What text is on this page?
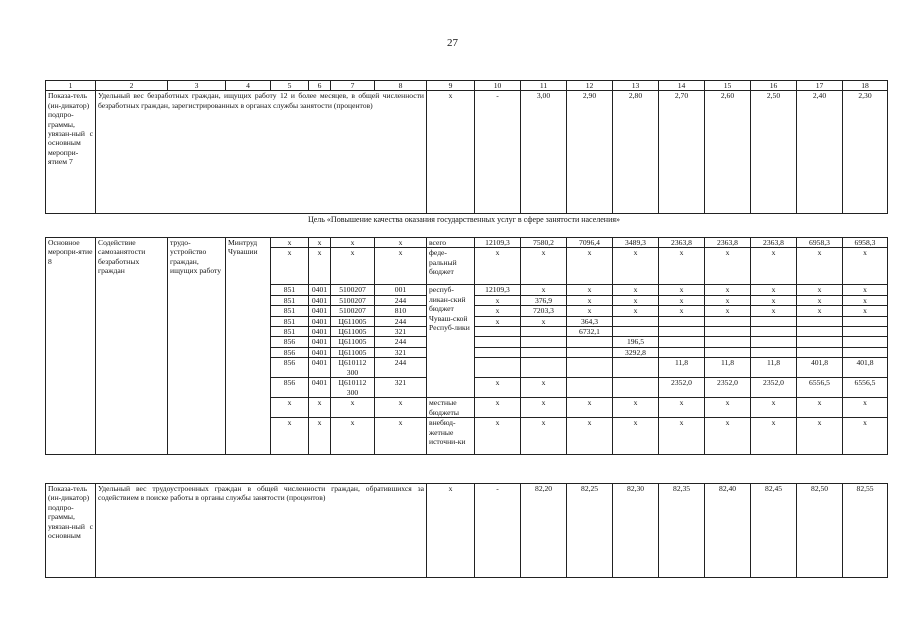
27
1	2	3	4	5	6	7	8	9	10	11	12	13	14	15	16	17	18
Показа-тель (ин-дикатор) подпро-граммы, увязан-ный с основным меропри-ятием 7	Удельный вес безработных граждан, ищущих работу 12 и более месяцев, в общей численности безработных граждан, зарегистрированных в органах службы занятости (процентов)							х	-	3,00	2,90	2,80	2,70	2,60	2,50	2,40	2,30
Цель «Повышение качества оказания государственных услуг в сфере занятости населения»
Основное меропри-ятие 8	Содействие самозанятости безработных граждан	трудо-устройство граждан, ищущих работу	Минтруд Чувашии	х	х	х	х	всего	12109,3	7580,2	7096,4	3489,3	2363,8	2363,8	2363,8	6958,3	6958,3
				х	х	х	х	феде-ральный бюджет	х	х	х	х	х	х	х	х	х
				851	0401	5100207	001	респуб-ликан-ский бюджет Чуваш-ской Респуб-лики	12109,3	х	х	х	х	х	х	х	х
				851	0401	5100207	244		х	376,9	х	х	х	х	х	х	х
				851	0401	5100207	810		х	7203,3	х	х	х	х	х	х	х
				851	0401	Ц611005	244		х	х	364,3						
				851	0401	Ц611005	321				6732,1						
				856	0401	Ц611005	244					196,5					
				856	0401	Ц611005	321					3292,8					
				856	0401	Ц610112 300	244						11,8	11,8	11,8	401,8	401,8
				856	0401	Ц610112 300	321		х	х			2352,0	2352,0	2352,0	6556,5	6556,5
				х	х	х	х	местные бюджеты	х	х	х	х	х	х	х	х	х
				х	х	х	х	внебюд-жетные источни-ки	х	х	х	х	х	х	х	х	х
Показа-тель (ин-дикатор) подпро-граммы, увязан-ный с основным	Удельный вес трудоустроенных граждан в общей численности граждан, обратившихся за содействием в поиске работы в органы службы занятости (процентов)	х	-	82,20	82,25	82,30	82,35	82,40	82,45	82,50	82,55
